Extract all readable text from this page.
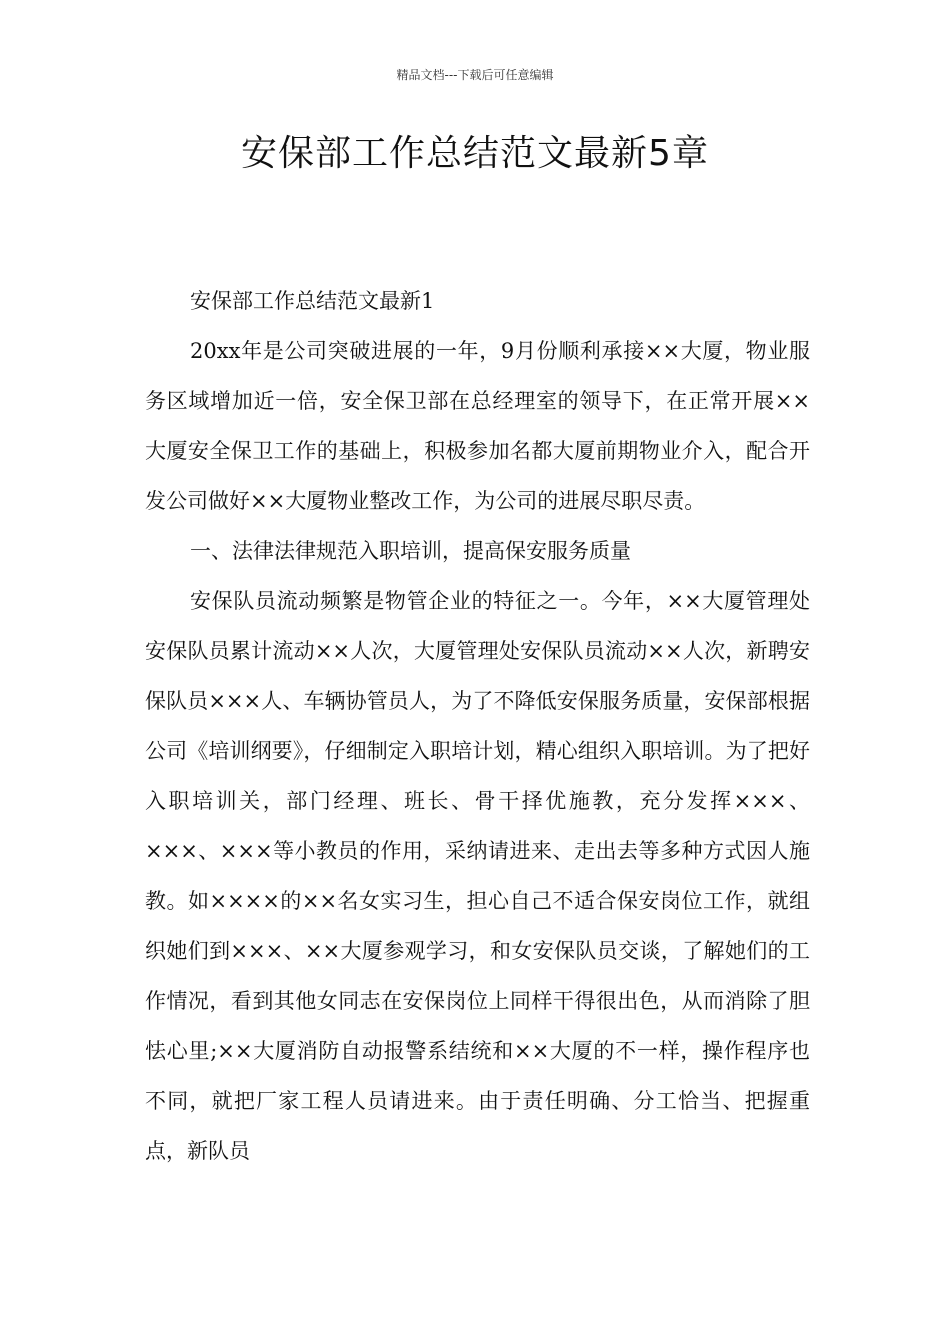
精品文档---下载后可任意编辑
安保部工作总结范文最新5章

安保部工作总结范文最新1

20xx年是公司突破进展的一年，9月份顺利承接××大厦，物业服务区域增加近一倍，安全保卫部在总经理室的领导下，在正常开展××大厦安全保卫工作的基础上，积极参加名都大厦前期物业介入，配合开发公司做好××大厦物业整改工作，为公司的进展尽职尽责。

一、法律法律规范入职培训，提高保安服务质量

安保队员流动频繁是物管企业的特征之一。今年，××大厦管理处安保队员累计流动××人次，大厦管理处安保队员流动××人次，新聘安保队员×××人、车辆协管员人，为了不降低安保服务质量，安保部根据公司《培训纲要》，仔细制定入职培计划，精心组织入职培训。为了把好入职培训关，部门经理、班长、骨干择优施教，充分发挥×××、×××、×××等小教员的作用，采纳请进来、走出去等多种方式因人施教。如××××的××名女实习生，担心自己不适合保安岗位工作，就组织她们到×××、××大厦参观学习，和女安保队员交谈，了解她们的工作情况，看到其他女同志在安保岗位上同样干得很出色，从而消除了胆怯心里;××大厦消防自动报警系结统和××大厦的不一样，操作程序也不同，就把厂家工程人员请进来。由于责任明确、分工恰当、把握重点，新队员
